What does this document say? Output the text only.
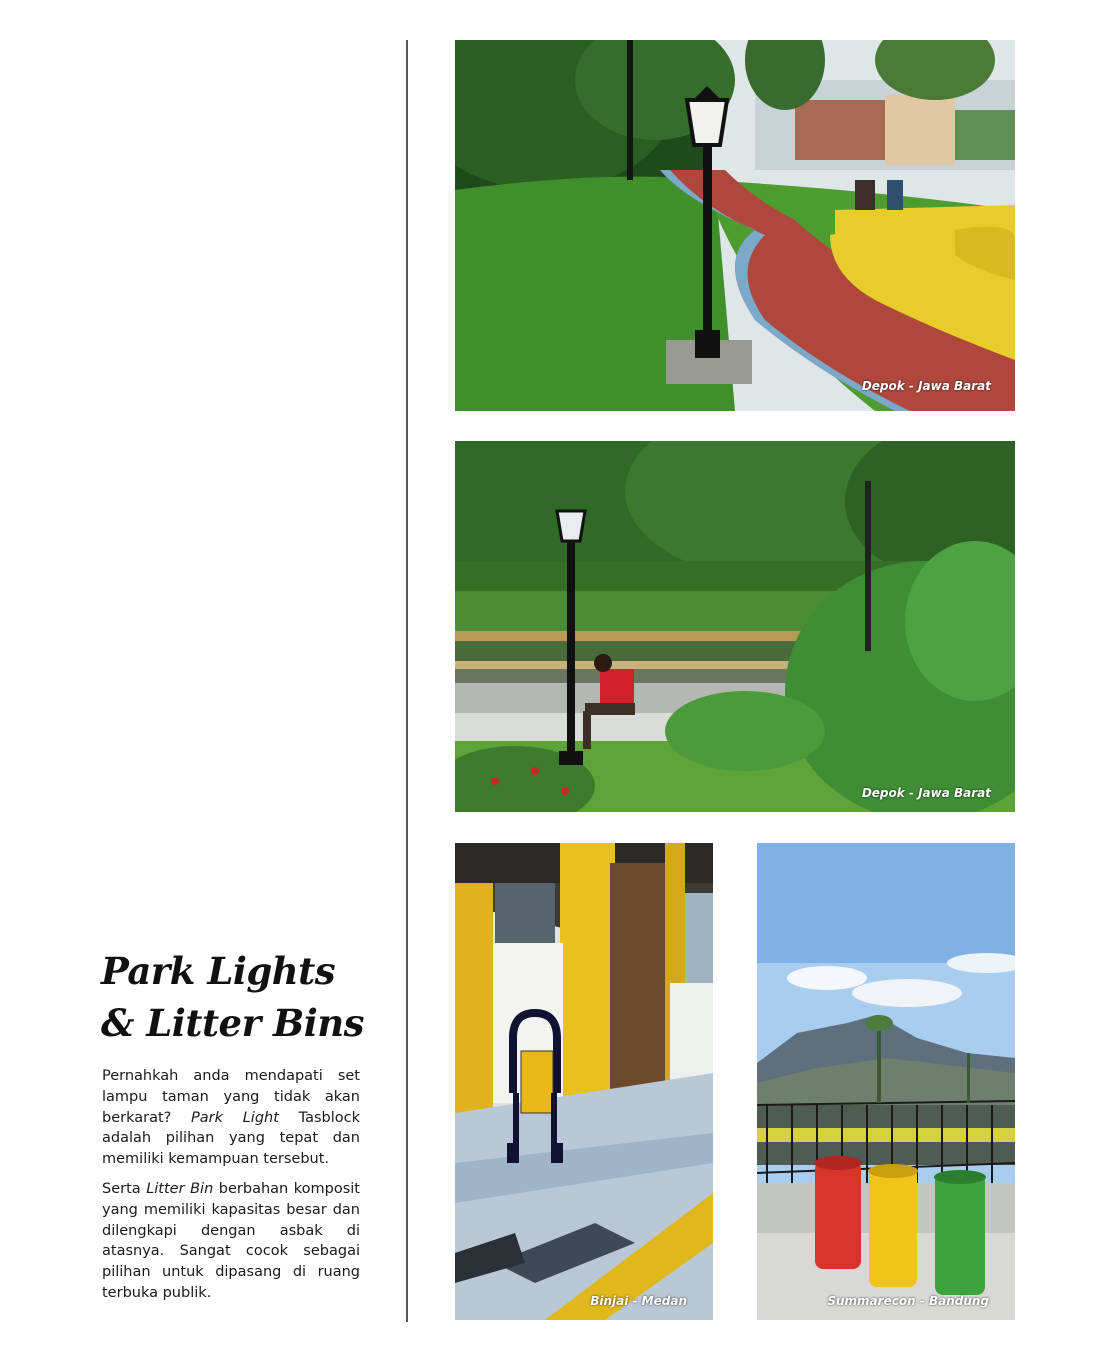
Depok - Jawa Barat
Depok - Jawa Barat
Binjai - Medan	Summarecon - Bandung
Park Lights
& Litter Bins

Pernahkah anda mendapati set lampu taman yang tidak akan berkarat? Park Light Tasblock adalah pilihan yang tepat dan memiliki kemampuan tersebut.

Serta Litter Bin berbahan komposit yang memiliki kapasitas besar dan dilengkapi dengan asbak di atasnya. Sangat cocok sebagai pilihan untuk dipasang di ruang terbuka publik.
